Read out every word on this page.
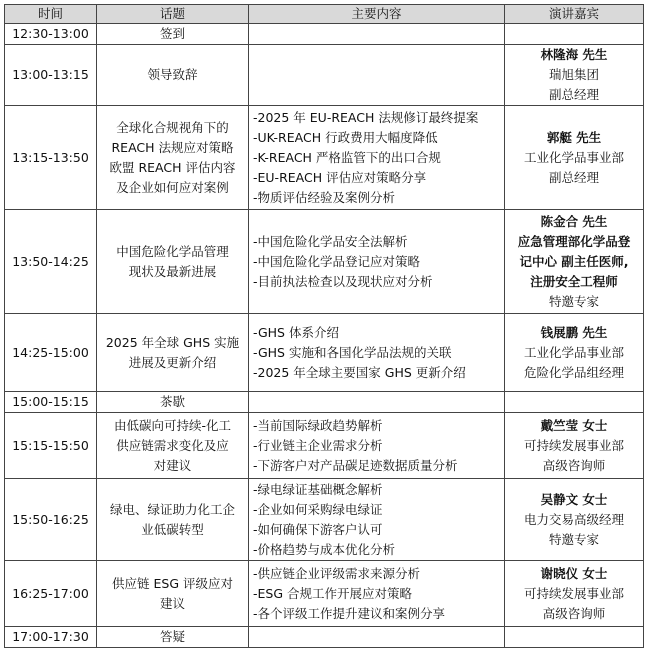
时间	话题	主要内容	演讲嘉宾
12:30-13:00	签到		

13:00-13:15	领导致辞		林隆海 先生
瑞旭集团
副总经理

13:15-13:50	全球化合规视角下的
REACH 法规应对策略
欧盟 REACH 评估内容
及企业如何应对案例	-2025 年 EU-REACH 法规修订最终提案
-UK-REACH 行政费用大幅度降低
-K-REACH 严格监管下的出口合规
-EU-REACH 评估应对策略分享
-物质评估经验及案例分析	郭艇 先生
工业化学品事业部
副总经理

13:50-14:25	中国危险化学品管理
现状及最新进展	-中国危险化学品安全法解析
-中国危险化学品登记应对策略
-目前执法检查以及现状应对分析	陈金合 先生
应急管理部化学品登
记中心 副主任医师,
注册安全工程师
特邀专家

14:25-15:00	2025 年全球 GHS 实施
进展及更新介绍	-GHS 体系介绍
-GHS 实施和各国化学品法规的关联
-2025 年全球主要国家 GHS 更新介绍	钱展鹏 先生
工业化学品事业部
危险化学品组经理

15:00-15:15	茶歇		

15:15-15:50	由低碳向可持续-化工
供应链需求变化及应
对建议	-当前国际绿政趋势解析
-行业链主企业需求分析
-下游客户对产品碳足迹数据质量分析	戴竺莹 女士
可持续发展事业部
高级咨询师

15:50-16:25	绿电、绿证助力化工企
业低碳转型	-绿电绿证基础概念解析
-企业如何采购绿电绿证
-如何确保下游客户认可
-价格趋势与成本优化分析	吴静文 女士
电力交易高级经理
特邀专家

16:25-17:00	供应链 ESG 评级应对
建议	-供应链企业评级需求来源分析
-ESG 合规工作开展应对策略
-各个评级工作提升建议和案例分享	谢晓仪 女士
可持续发展事业部
高级咨询师

17:00-17:30	答疑		
